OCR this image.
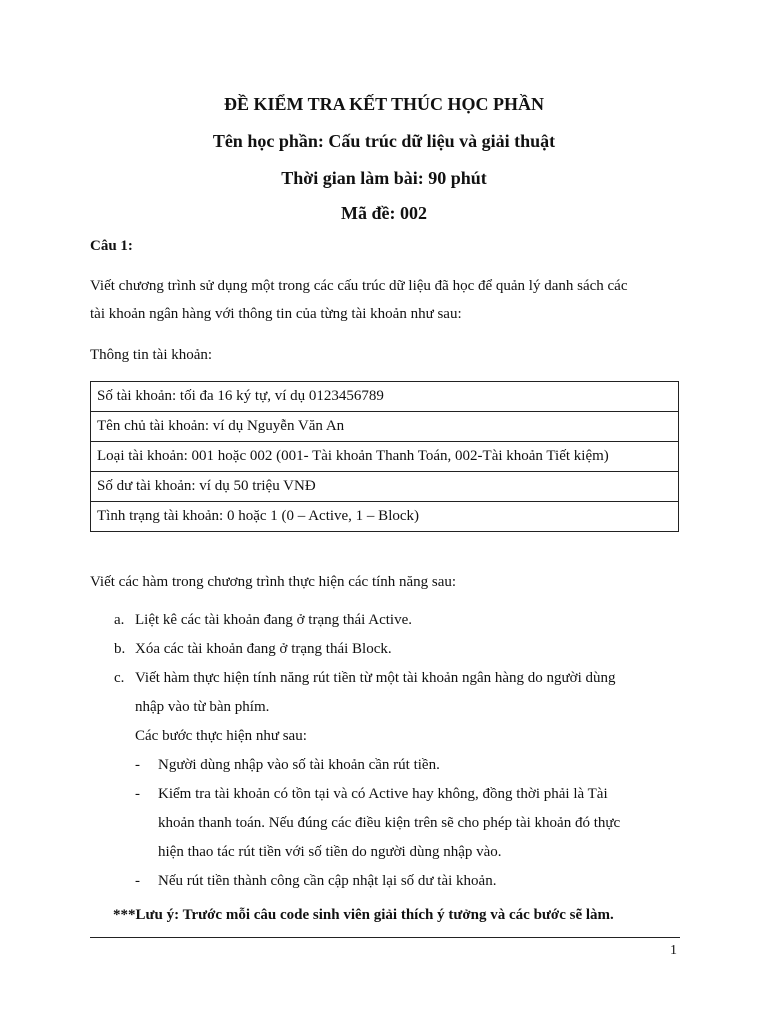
ĐỀ KIỂM TRA KẾT THÚC HỌC PHẦN
Tên học phần: Cấu trúc dữ liệu và giải thuật
Thời gian làm bài: 90 phút
Mã đề: 002
Câu 1:
Viết chương trình sử dụng một trong các cấu trúc dữ liệu đã học để quản lý danh sách các
tài khoản ngân hàng với thông tin của từng tài khoản như sau:
Thông tin tài khoản:
Số tài khoản: tối đa 16 ký tự, ví dụ 0123456789
Tên chủ tài khoản: ví dụ Nguyễn Văn An
Loại tài khoản: 001 hoặc 002 (001- Tài khoản Thanh Toán, 002-Tài khoản Tiết kiệm)
Số dư tài khoản: ví dụ 50 triệu VNĐ
Tình trạng tài khoản: 0 hoặc 1 (0 – Active, 1 – Block)
Viết các hàm trong chương trình thực hiện các tính năng sau:
a. Liệt kê các tài khoản đang ở trạng thái Active.
b. Xóa các tài khoản đang ở trạng thái Block.
c. Viết hàm thực hiện tính năng rút tiền từ một tài khoản ngân hàng do người dùng
nhập vào từ bàn phím.
Các bước thực hiện như sau:
- Người dùng nhập vào số tài khoản cần rút tiền.
- Kiểm tra tài khoản có tồn tại và có Active hay không, đồng thời phải là Tài
khoản thanh toán. Nếu đúng các điều kiện trên sẽ cho phép tài khoản đó thực
hiện thao tác rút tiền với số tiền do người dùng nhập vào.
- Nếu rút tiền thành công cần cập nhật lại số dư tài khoản.
***Lưu ý: Trước mỗi câu code sinh viên giải thích ý tưởng và các bước sẽ làm.
1
